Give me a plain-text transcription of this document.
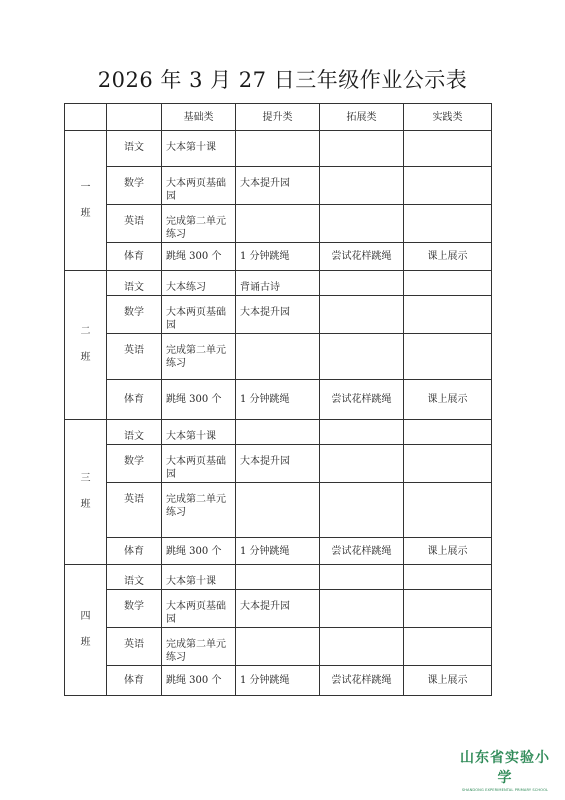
2026 年 3 月 27 日三年级作业公示表
		基础类	提升类	拓展类	实践类
一
班	语文	大本第十课			
	数学	大本两页基础园	大本提升园		
	英语	完成第二单元练习			
	体育	跳绳 300 个	1 分钟跳绳	尝试花样跳绳	课上展示
二
班	语文	大本练习	背诵古诗		
	数学	大本两页基础园	大本提升园		
	英语	完成第二单元练习			
	体育	跳绳 300 个	1 分钟跳绳	尝试花样跳绳	课上展示
三
班	语文	大本第十课			
	数学	大本两页基础园	大本提升园		
	英语	完成第二单元练习			
	体育	跳绳 300 个	1 分钟跳绳	尝试花样跳绳	课上展示
四
班	语文	大本第十课			
	数学	大本两页基础园	大本提升园		
	英语	完成第二单元练习			
	体育	跳绳 300 个	1 分钟跳绳	尝试花样跳绳	课上展示
山东省实验小学
SHANDONG EXPERIMENTAL PRIMARY SCHOOL
